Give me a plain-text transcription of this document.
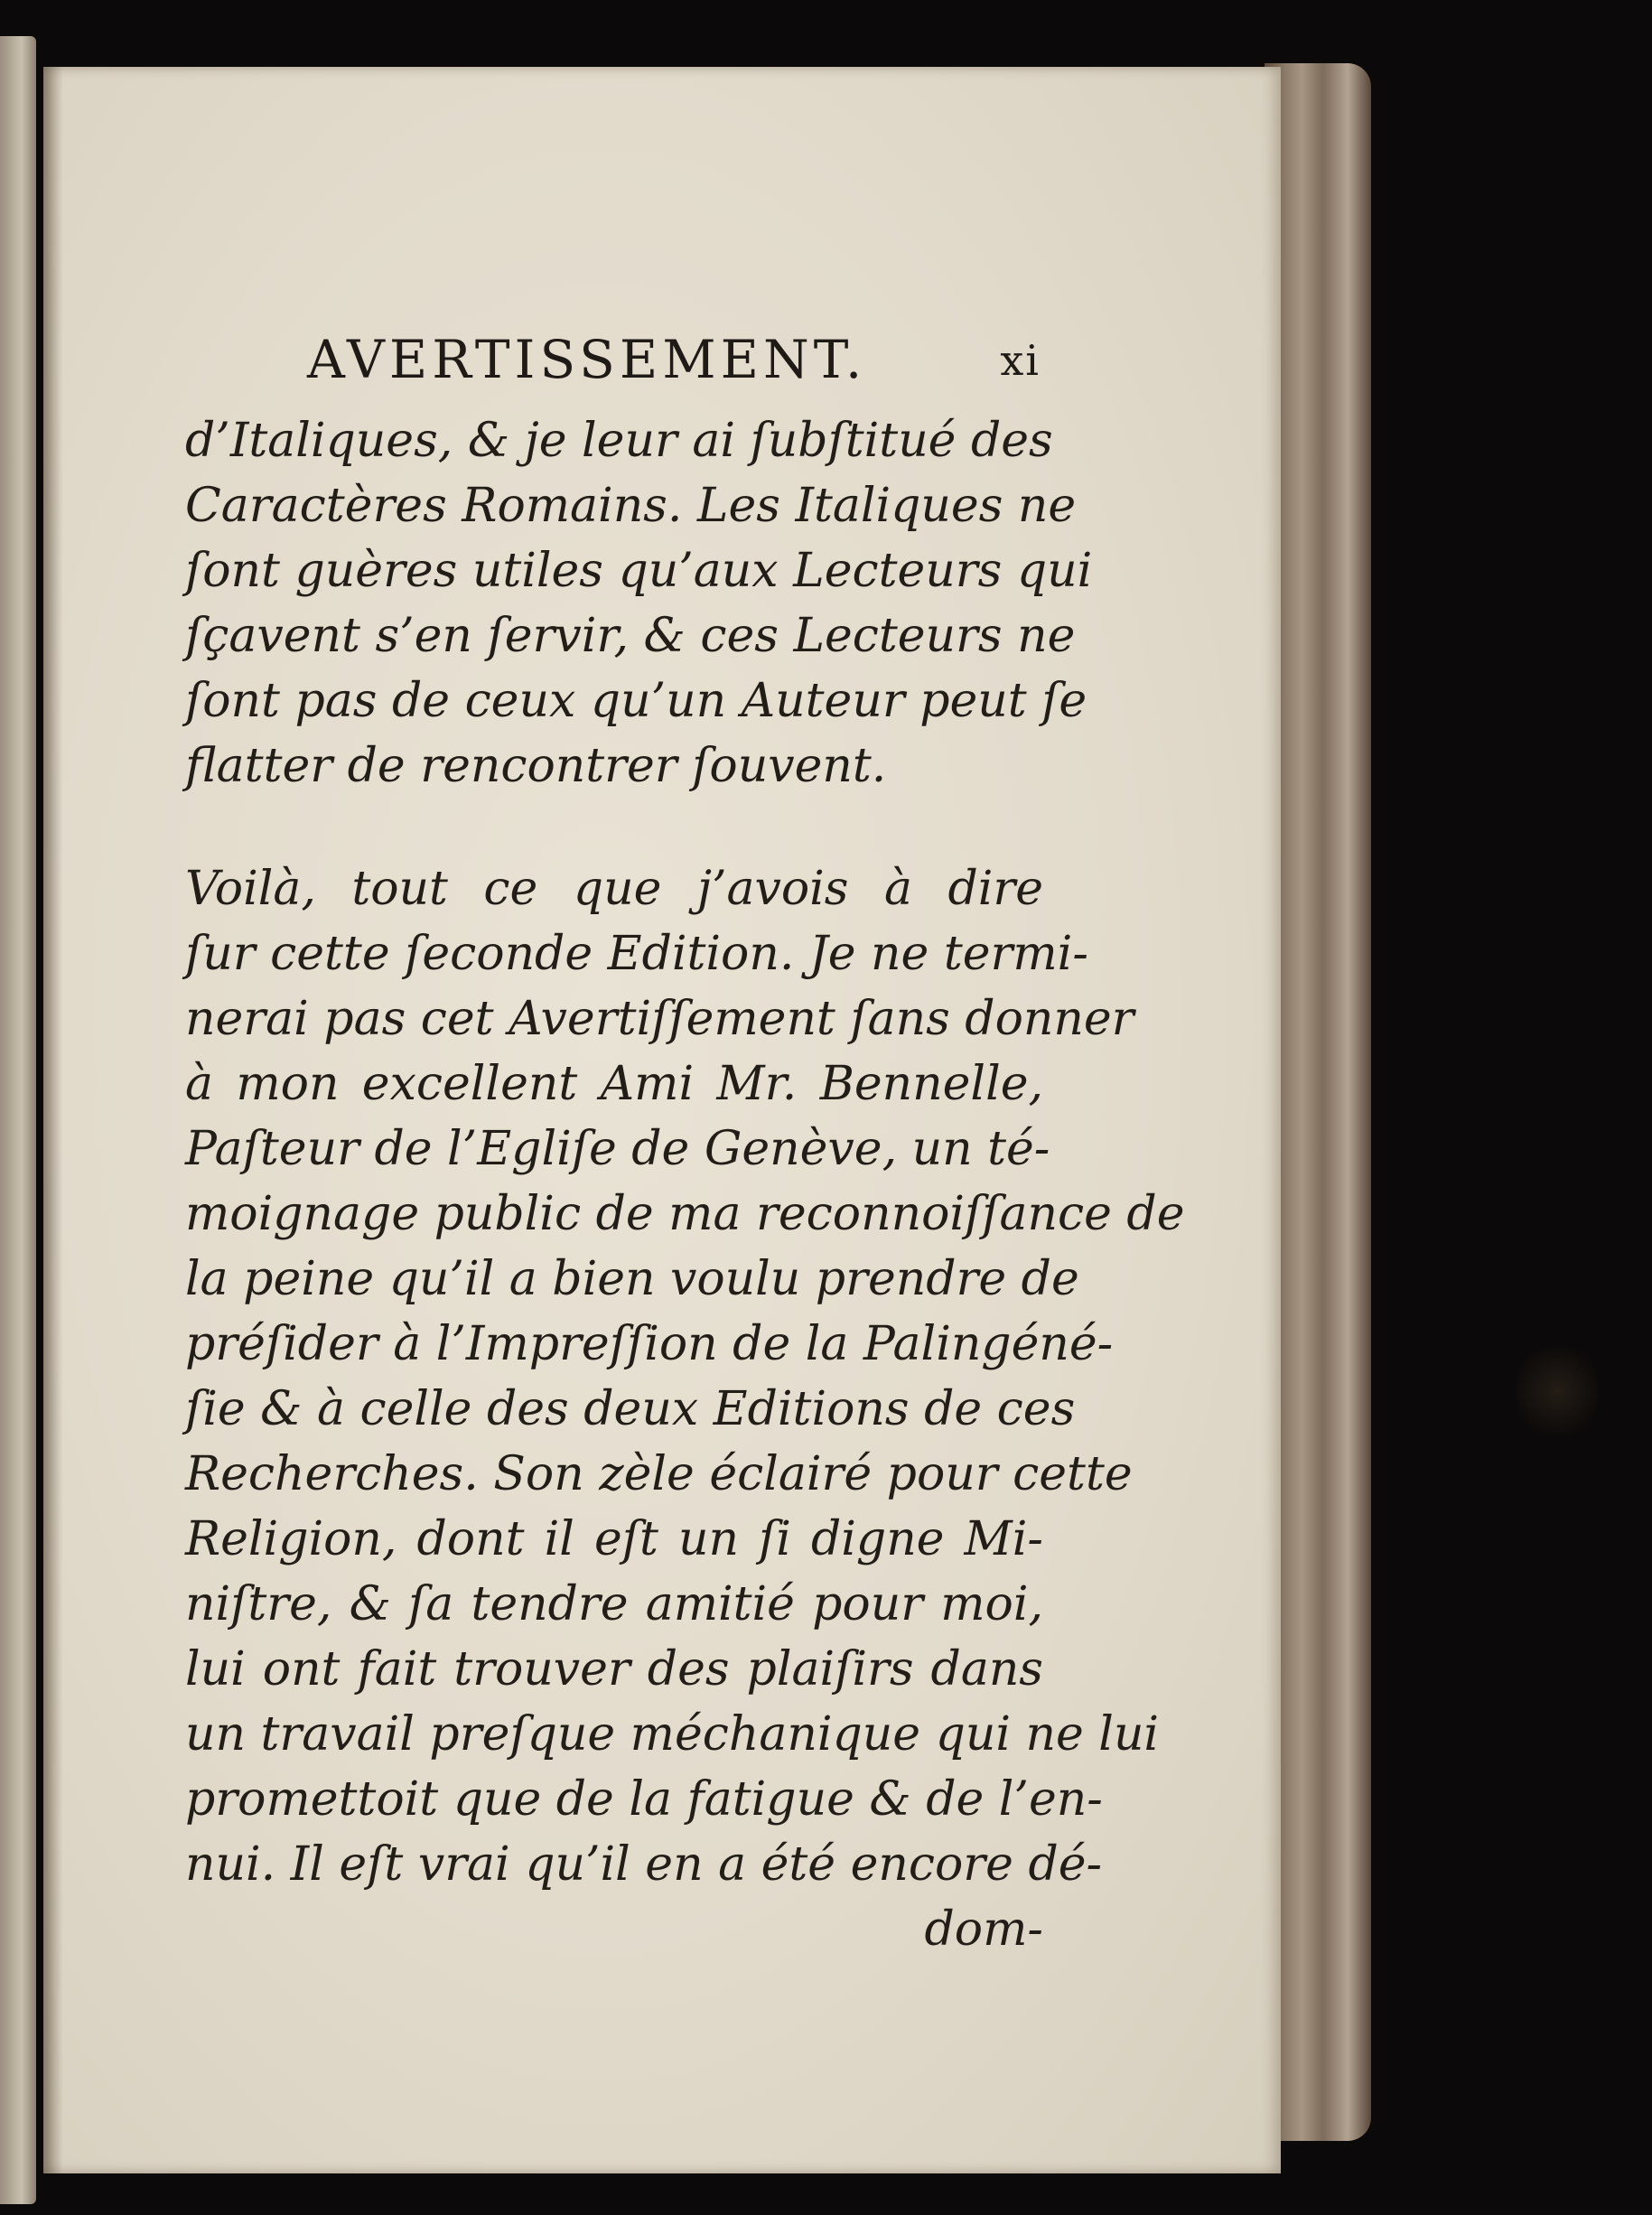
AVERTISSEMENT.	xi
d’Italiques, & je leur ai ſubſtitué des
Caractères Romains. Les Italiques ne
ſont guères utiles qu’aux Lecteurs qui
ſçavent s’en ſervir, & ces Lecteurs ne
ſont pas de ceux qu’un Auteur peut ſe
flatter de rencontrer ſouvent.
Voilà, tout ce que j’avois à dire
ſur cette ſeconde Edition. Je ne termi-
nerai pas cet Avertiſſement ſans donner
à mon excellent Ami Mr. Bennelle,
Paſteur de l’Egliſe de Genève, un té-
moignage public de ma reconnoiſſance de
la peine qu’il a bien voulu prendre de
préſider à l’Impreſſion de la Palingéné-
ſie & à celle des deux Editions de ces
Recherches. Son zèle éclairé pour cette
Religion, dont il eſt un ſi digne Mi-
niſtre, & ſa tendre amitié pour moi,
lui ont fait trouver des plaiſirs dans
un travail preſque méchanique qui ne lui
promettoit que de la fatigue & de l’en-
nui. Il eſt vrai qu’il en a été encore dé-
dom-
